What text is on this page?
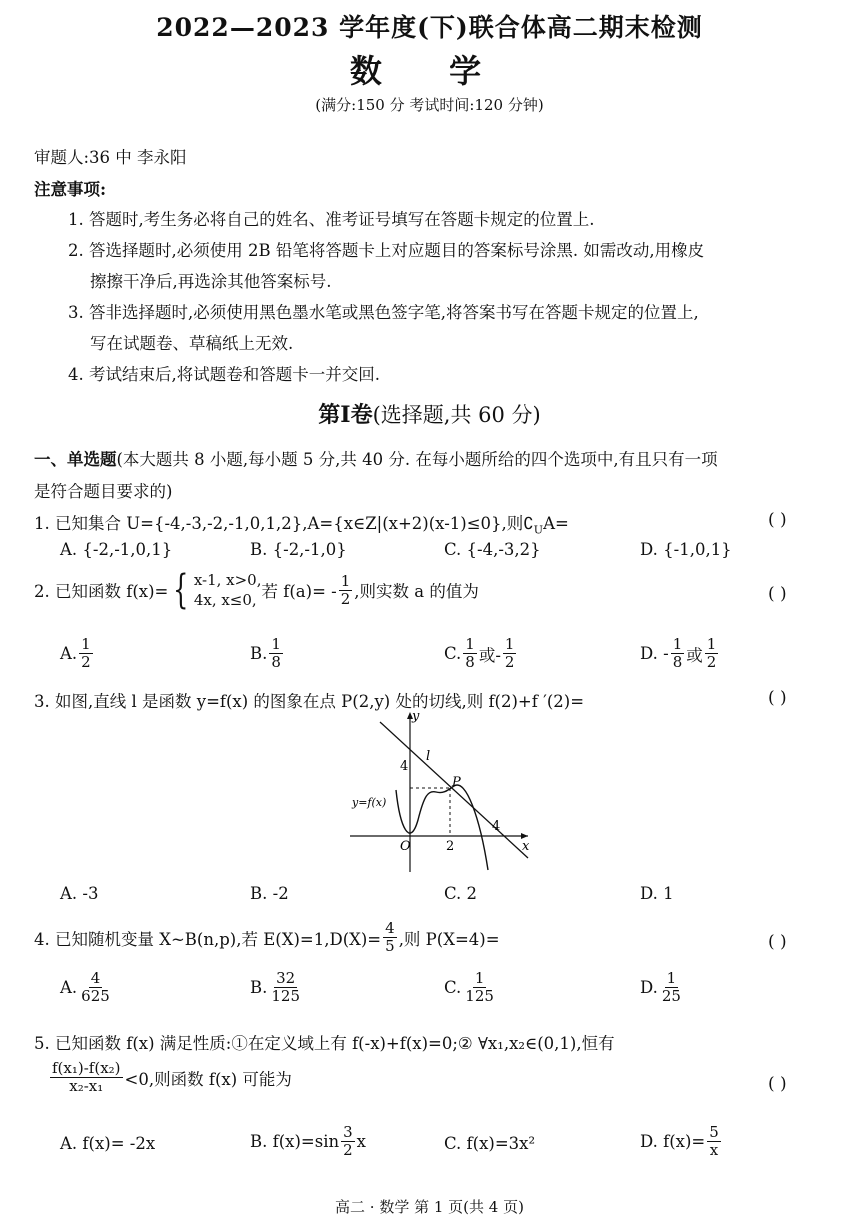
2022—2023 学年度(下)联合体高二期末检测
数 学
(满分:150 分 考试时间:120 分钟)
审题人:36 中 李永阳
注意事项:
1. 答题时,考生务必将自己的姓名、准考证号填写在答题卡规定的位置上.
2. 答选择题时,必须使用 2B 铅笔将答题卡上对应题目的答案标号涂黑. 如需改动,用橡皮
擦擦干净后,再选涂其他答案标号.
3. 答非选择题时,必须使用黑色墨水笔或黑色签字笔,将答案书写在答题卡规定的位置上,
写在试题卷、草稿纸上无效.
4. 考试结束后,将试题卷和答题卡一并交回.
第Ⅰ卷(选择题,共 60 分)
一、单选题(本大题共 8 小题,每小题 5 分,共 40 分. 在每小题所给的四个选项中,有且只有一项
是符合题目要求的)
1. 已知集合 U={-4,-3,-2,-1,0,1,2},A={x∈Z|(x+2)(x-1)≤0},则$∁_UA=$	( )
A. {-2,-1,0,1}	B. {-2,-1,0}	C. {-4,-3,2}	D. {-1,0,1}
2. 已知函数 f(x)= { x-1, x>0,
4x, x≤0, 若 $f(a)= - \frac{1}{2}$ ,则实数 a 的值为	( )
A. $\frac{1}{2}$	B. $\frac{1}{8}$	C. $\frac{1}{8}$ 或- $\frac{1}{2}$	D. - $\frac{1}{8}$ 或 $\frac{1}{2}$
3. 如图,直线 l 是函数 y=f(x) 的图象在点 P(2,y) 处的切线,则 f(2)+f ′(2)=	( )
y
x
O
4
l
P
y=f(x)
2
4
A. -3	B. -2	C. 2	D. 1
4. 已知随机变量 X~B(n,p),若 $E(X)=1,D(X)= \frac{4}{5}$ ,则 P(X=4)=	( )
A. $\frac{4}{625}$	B. $\frac{32}{125}$	C. $\frac{1}{125}$	D. $\frac{1}{25}$
5. 已知函数 f(x) 满足性质:①在定义域上有 f(-x)+f(x)=0;② ∀x₁,x₂∈(0,1),恒有
$\frac{\text{f(x₁)-f(x₂)}}{\text{x₂-x₁}} <0$,则函数 f(x) 可能为	( )
A. f(x)= -2x	B. $f(x)=\sin \frac{3}{2}$ x	C. f(x)=3x²	D. $f(x)= \frac{5}{x}$
高二 · 数学 第 1 页(共 4 页)
